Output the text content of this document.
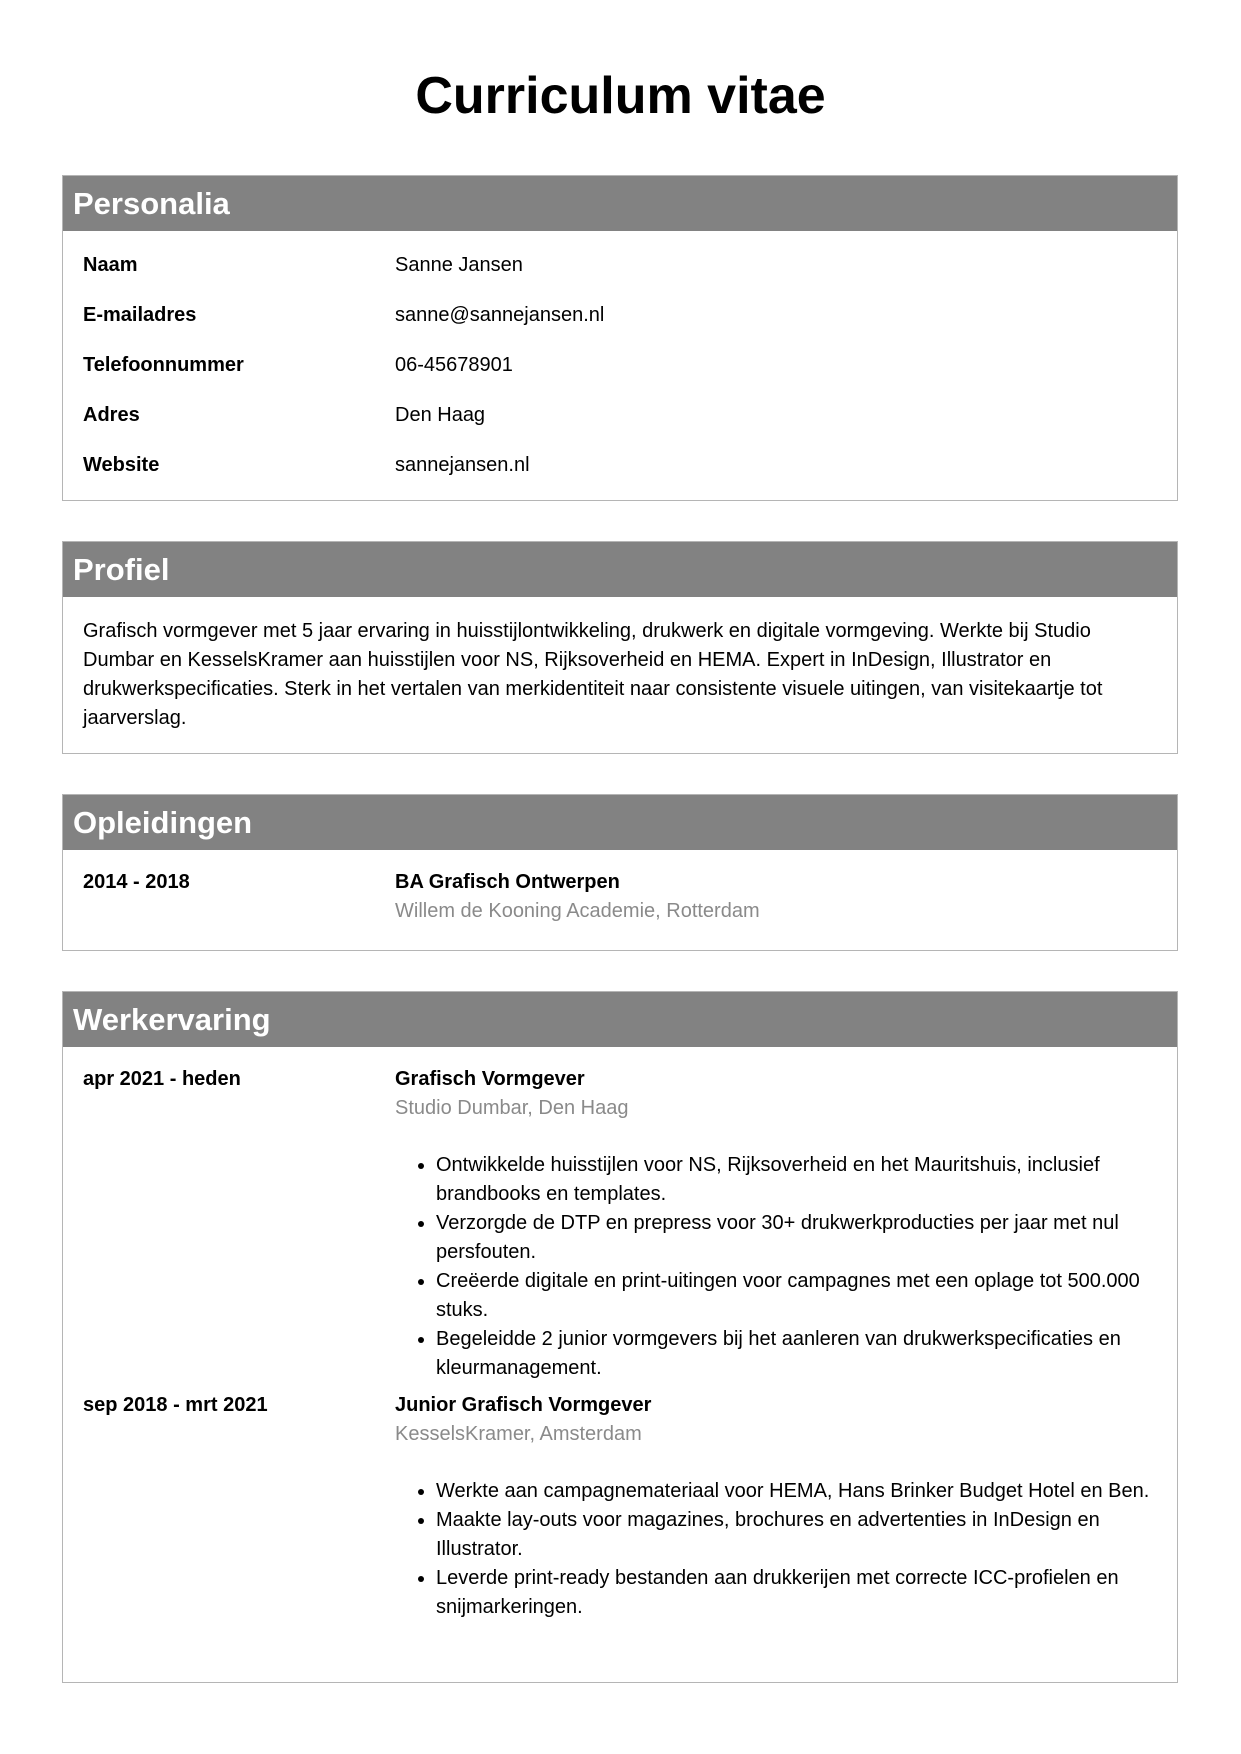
Curriculum vitae
Personalia
Naam	Sanne Jansen
E-mailadres	sanne@sannejansen.nl
Telefoonnummer	06-45678901
Adres	Den Haag
Website	sannejansen.nl
Profiel

Grafisch vormgever met 5 jaar ervaring in huisstijlontwikkeling, drukwerk en digitale vormgeving. Werkte bij Studio Dumbar en KesselsKramer aan huisstijlen voor NS, Rijksoverheid en HEMA. Expert in InDesign, Illustrator en drukwerkspecificaties. Sterk in het vertalen van merkidentiteit naar consistente visuele uitingen, van visitekaartje tot jaarverslag.

Opleidingen
2014 - 2018	BA Grafisch Ontwerpen
Willem de Kooning Academie, Rotterdam
Werkervaring
apr 2021 - heden	Grafisch Vormgever
Studio Dumbar, Den Haag
• Ontwikkelde huisstijlen voor NS, Rijksoverheid en het Mauritshuis, inclusief brandbooks en templates.
• Verzorgde de DTP en prepress voor 30+ drukwerkproducties per jaar met nul persfouten.
• Creëerde digitale en print-uitingen voor campagnes met een oplage tot 500.000 stuks.
• Begeleidde 2 junior vormgevers bij het aanleren van drukwerkspecificaties en kleurmanagement.
sep 2018 - mrt 2021	Junior Grafisch Vormgever
KesselsKramer, Amsterdam
• Werkte aan campagnemateriaal voor HEMA, Hans Brinker Budget Hotel en Ben.
• Maakte lay-outs voor magazines, brochures en advertenties in InDesign en Illustrator.
• Leverde print-ready bestanden aan drukkerijen met correcte ICC-profielen en snijmarkeringen.
